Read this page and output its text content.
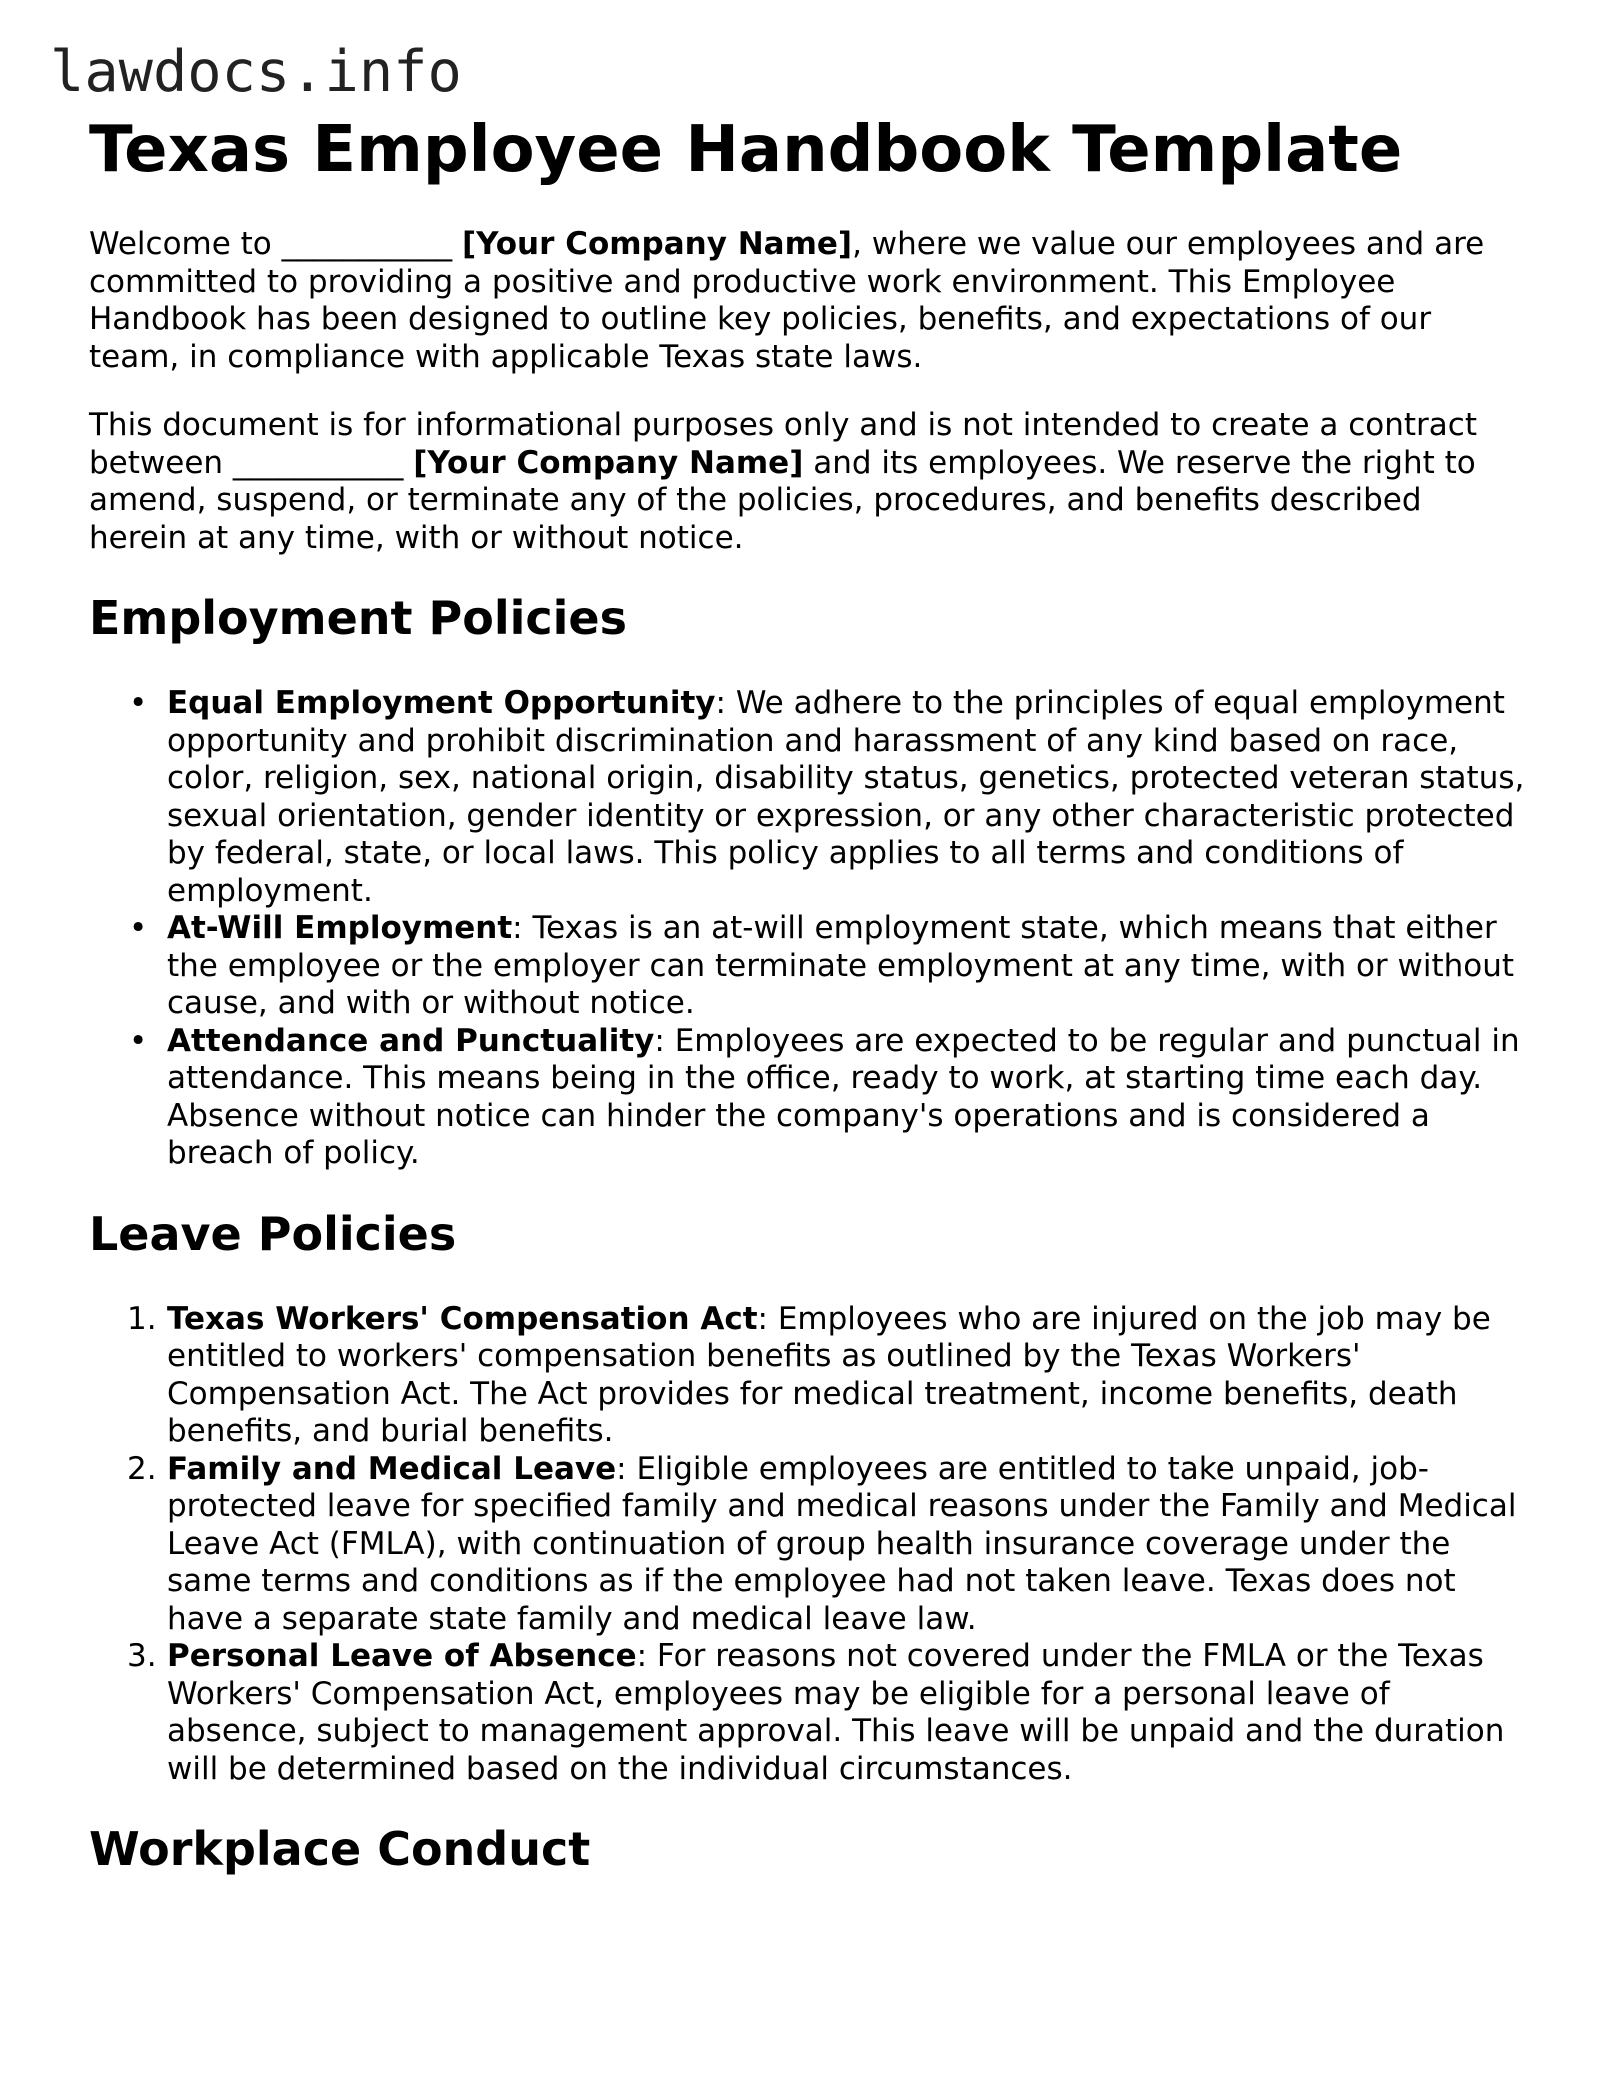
lawdocs.info
Texas Employee Handbook Template

Welcome to ___________ [Your Company Name], where we value our employees and are committed to providing a positive and productive work environment. This Employee Handbook has been designed to outline key policies, benefits, and expectations of our team, in compliance with applicable Texas state laws.

This document is for informational purposes only and is not intended to create a contract between ___________ [Your Company Name] and its employees. We reserve the right to amend, suspend, or terminate any of the policies, procedures, and benefits described herein at any time, with or without notice.

Employment Policies
• Equal Employment Opportunity: We adhere to the principles of equal employment opportunity and prohibit discrimination and harassment of any kind based on race, color, religion, sex, national origin, disability status, genetics, protected veteran status, sexual orientation, gender identity or expression, or any other characteristic protected by federal, state, or local laws. This policy applies to all terms and conditions of employment.
• At-Will Employment: Texas is an at-will employment state, which means that either the employee or the employer can terminate employment at any time, with or without cause, and with or without notice.
• Attendance and Punctuality: Employees are expected to be regular and punctual in attendance. This means being in the office, ready to work, at starting time each day. Absence without notice can hinder the company's operations and is considered a breach of policy.
Leave Policies
1. Texas Workers' Compensation Act: Employees who are injured on the job may be entitled to workers' compensation benefits as outlined by the Texas Workers' Compensation Act. The Act provides for medical treatment, income benefits, death benefits, and burial benefits.
2. Family and Medical Leave: Eligible employees are entitled to take unpaid, job-protected leave for specified family and medical reasons under the Family and Medical Leave Act (FMLA), with continuation of group health insurance coverage under the same terms and conditions as if the employee had not taken leave. Texas does not have a separate state family and medical leave law.
3. Personal Leave of Absence: For reasons not covered under the FMLA or the Texas Workers' Compensation Act, employees may be eligible for a personal leave of absence, subject to management approval. This leave will be unpaid and the duration will be determined based on the individual circumstances.
Workplace Conduct
